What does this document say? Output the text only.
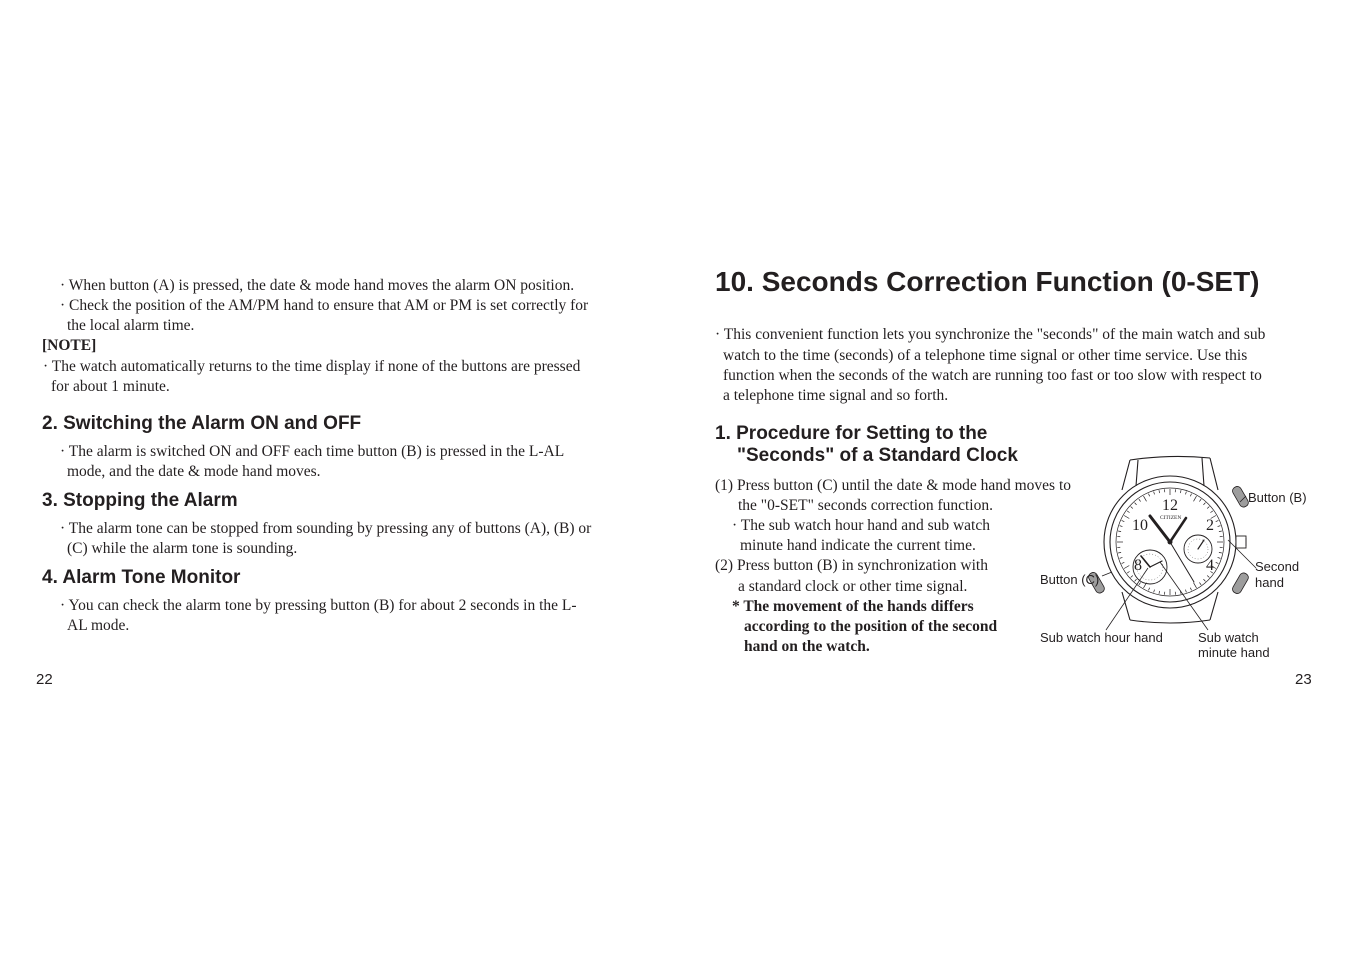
· When button (A) is pressed, the date & mode hand moves the alarm ON position.
· Check the position of the AM/PM hand to ensure that AM or PM is set correctly for
the local alarm time.
[NOTE]
· The watch automatically returns to the time display if none of the buttons are pressed
for about 1 minute.
2. Switching the Alarm ON and OFF
· The alarm is switched ON and OFF each time button (B) is pressed in the L-AL
mode, and the date & mode hand moves.
3. Stopping the Alarm
· The alarm tone can be stopped from sounding by pressing any of buttons (A), (B) or
(C) while the alarm tone is sounding.
4. Alarm Tone Monitor
· You can check the alarm tone by pressing button (B) for about 2 seconds in the L-
AL mode.
22
10. Seconds Correction Function (0-SET)
· This convenient function lets you synchronize the "seconds" of the main watch and sub
watch to the time (seconds) of a telephone time signal or other time service. Use this
function when the seconds of the watch are running too fast or too slow with respect to
a telephone time signal and so forth.
1. Procedure for Setting to the
"Seconds" of a Standard Clock
(1) Press button (C) until the date & mode hand moves to
the "0-SET" seconds correction function.
· The sub watch hour hand and sub watch
minute hand indicate the current time.
(2) Press button (B) in synchronization with
a standard clock or other time signal.
* The movement of the hands differs
according to the position of the second
hand on the watch.
12
2
4
8
10 CITIZEN
Button (B)
Button (C)
Second
hand
Sub watch hour hand	Sub watch
minute hand
23
